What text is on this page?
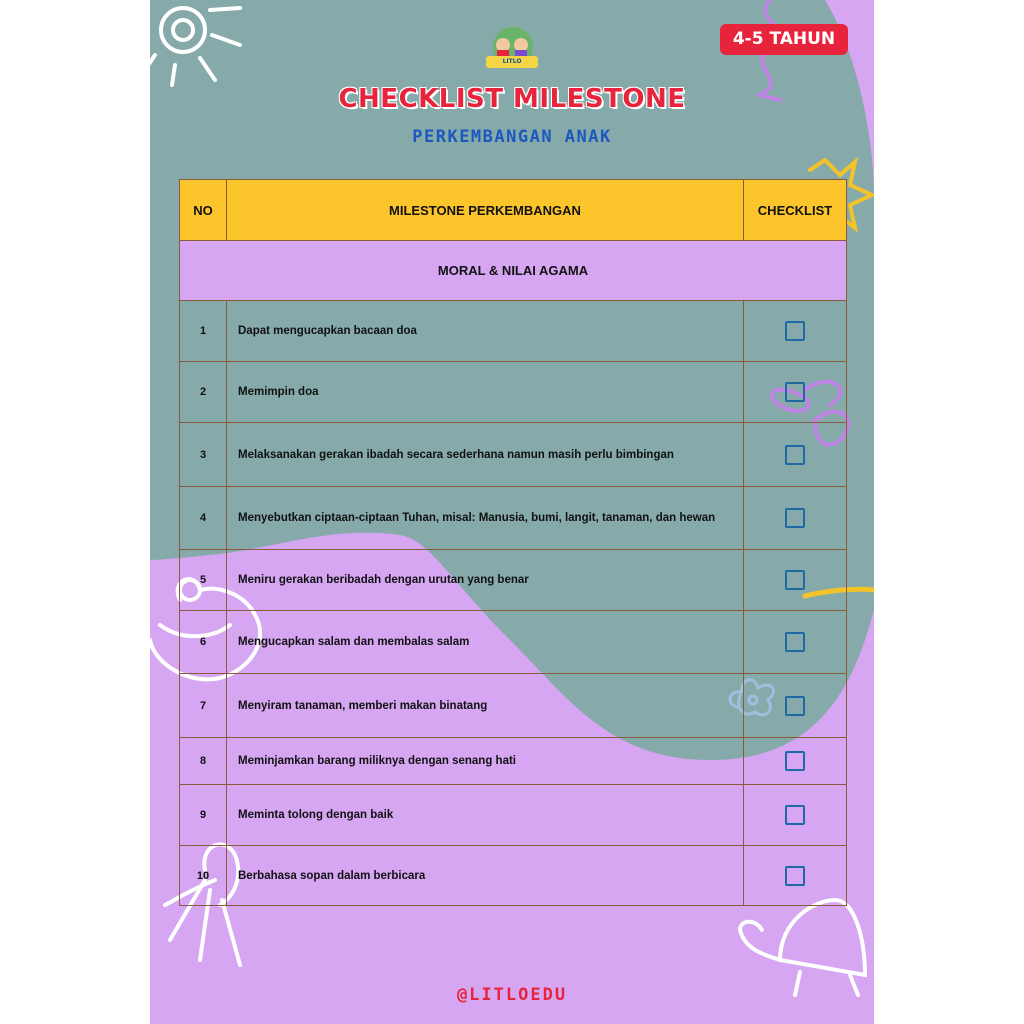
LITLO
4-5 TAHUN
CHECKLIST MILESTONE
PERKEMBANGAN ANAK
NO	MILESTONE PERKEMBANGAN	CHECKLIST
MORAL & NILAI AGAMA
1	Dapat mengucapkan bacaan doa
2	Memimpin doa
3	Melaksanakan gerakan ibadah secara sederhana namun masih perlu bimbingan
4	Menyebutkan ciptaan-ciptaan Tuhan, misal: Manusia, bumi, langit, tanaman, dan hewan
5	Meniru gerakan beribadah dengan urutan yang benar
6	Mengucapkan salam dan membalas salam
7	Menyiram tanaman, memberi makan binatang
8	Meminjamkan barang miliknya dengan senang hati
9	Meminta tolong dengan baik
10	Berbahasa sopan dalam berbicara
@LITLOEDU
